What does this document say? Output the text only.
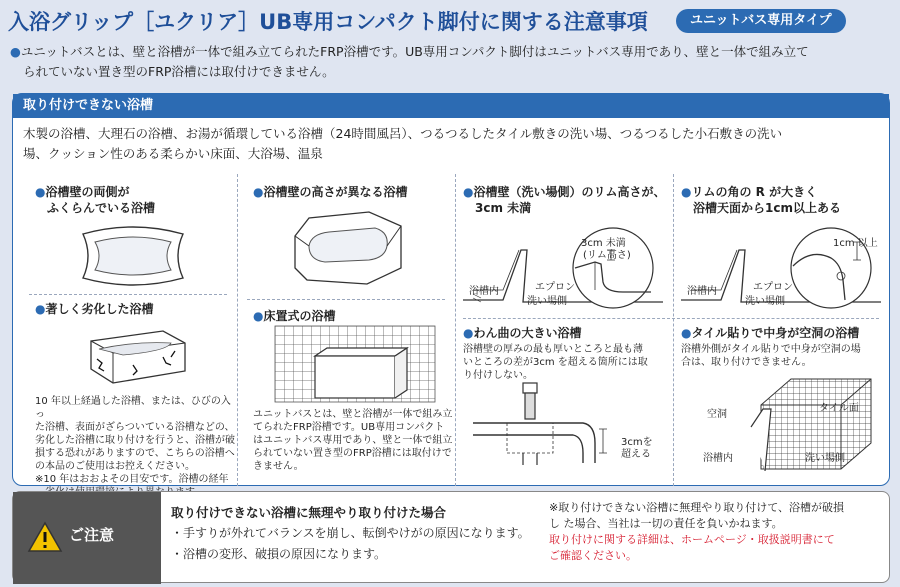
入浴グリップ［ユクリア］UB専用コンパクト脚付に関する注意事項	ユニットバス専用タイプ
●ユニットバスとは、壁と浴槽が一体で組み立てられたFRP浴槽です。UB専用コンパクト脚付はユニットバス専用であり、壁と一体で組み立て
られていない置き型のFRP浴槽には取付けできません。
取り付けできない浴槽
木製の浴槽、大理石の浴槽、お湯が循環している浴槽（24時間風呂）、つるつるしたタイル敷きの洗い場、つるつるした小石敷きの洗い
場、クッション性のある柔らかい床面、大浴場、温泉
●浴槽壁の両側が
ふくらんでいる浴槽
●著しく劣化した浴槽

10 年以上経過した浴槽、または、ひびの入っ

た浴槽、表面がざらついている浴槽などの、

劣化した浴槽に取り付けを行うと、浴槽が破

損する恐れがありますので、こちらの浴槽へ

の本品のご使用はお控えください。

※10 年はおおよその目安です。浴槽の経年

●浴槽壁の高さが異なる浴槽
●床置式の浴槽

ユニットバスとは、壁と浴槽が一体で組み立

てられたFRP浴槽です。UB専用コンパクト

はユニットバス専用であり、壁と一体で組立

られていない置き型のFRP浴槽には取付けで

きません。

●浴槽壁（洗い場側）のリム高さが、
3cm 未満
3cm 未満
(リム高さ)
浴槽内	エプロン
洗い場側
●リムの角の R が大きく
浴槽天面から1cm以上ある
1cm 以上
浴槽内	エプロン
洗い場側
●わん曲の大きい浴槽

浴槽壁の厚みの最も厚いところと最も薄

いところの差が3cm を超える箇所には取

り付けしない。

3cmを
超える
●タイル貼りで中身が空洞の浴槽

浴槽外側がタイル貼りで中身が空洞の場

合は、取り付けできません。

空洞
タイル面
浴槽内	洗い場側
ご注意
取り付けできない浴槽に無理やり取り付けた場合
・手すりが外れてバランスを崩し、転倒やけがの原因になります。
・浴槽の変形、破損の原因になります。
※取り付けできない浴槽に無理やり取り付けて、浴槽が破損
し た場合、当社は一切の責任を負いかねます。
取り付けに関する詳細は、ホームページ・取扱説明書にて
ご確認ください。
